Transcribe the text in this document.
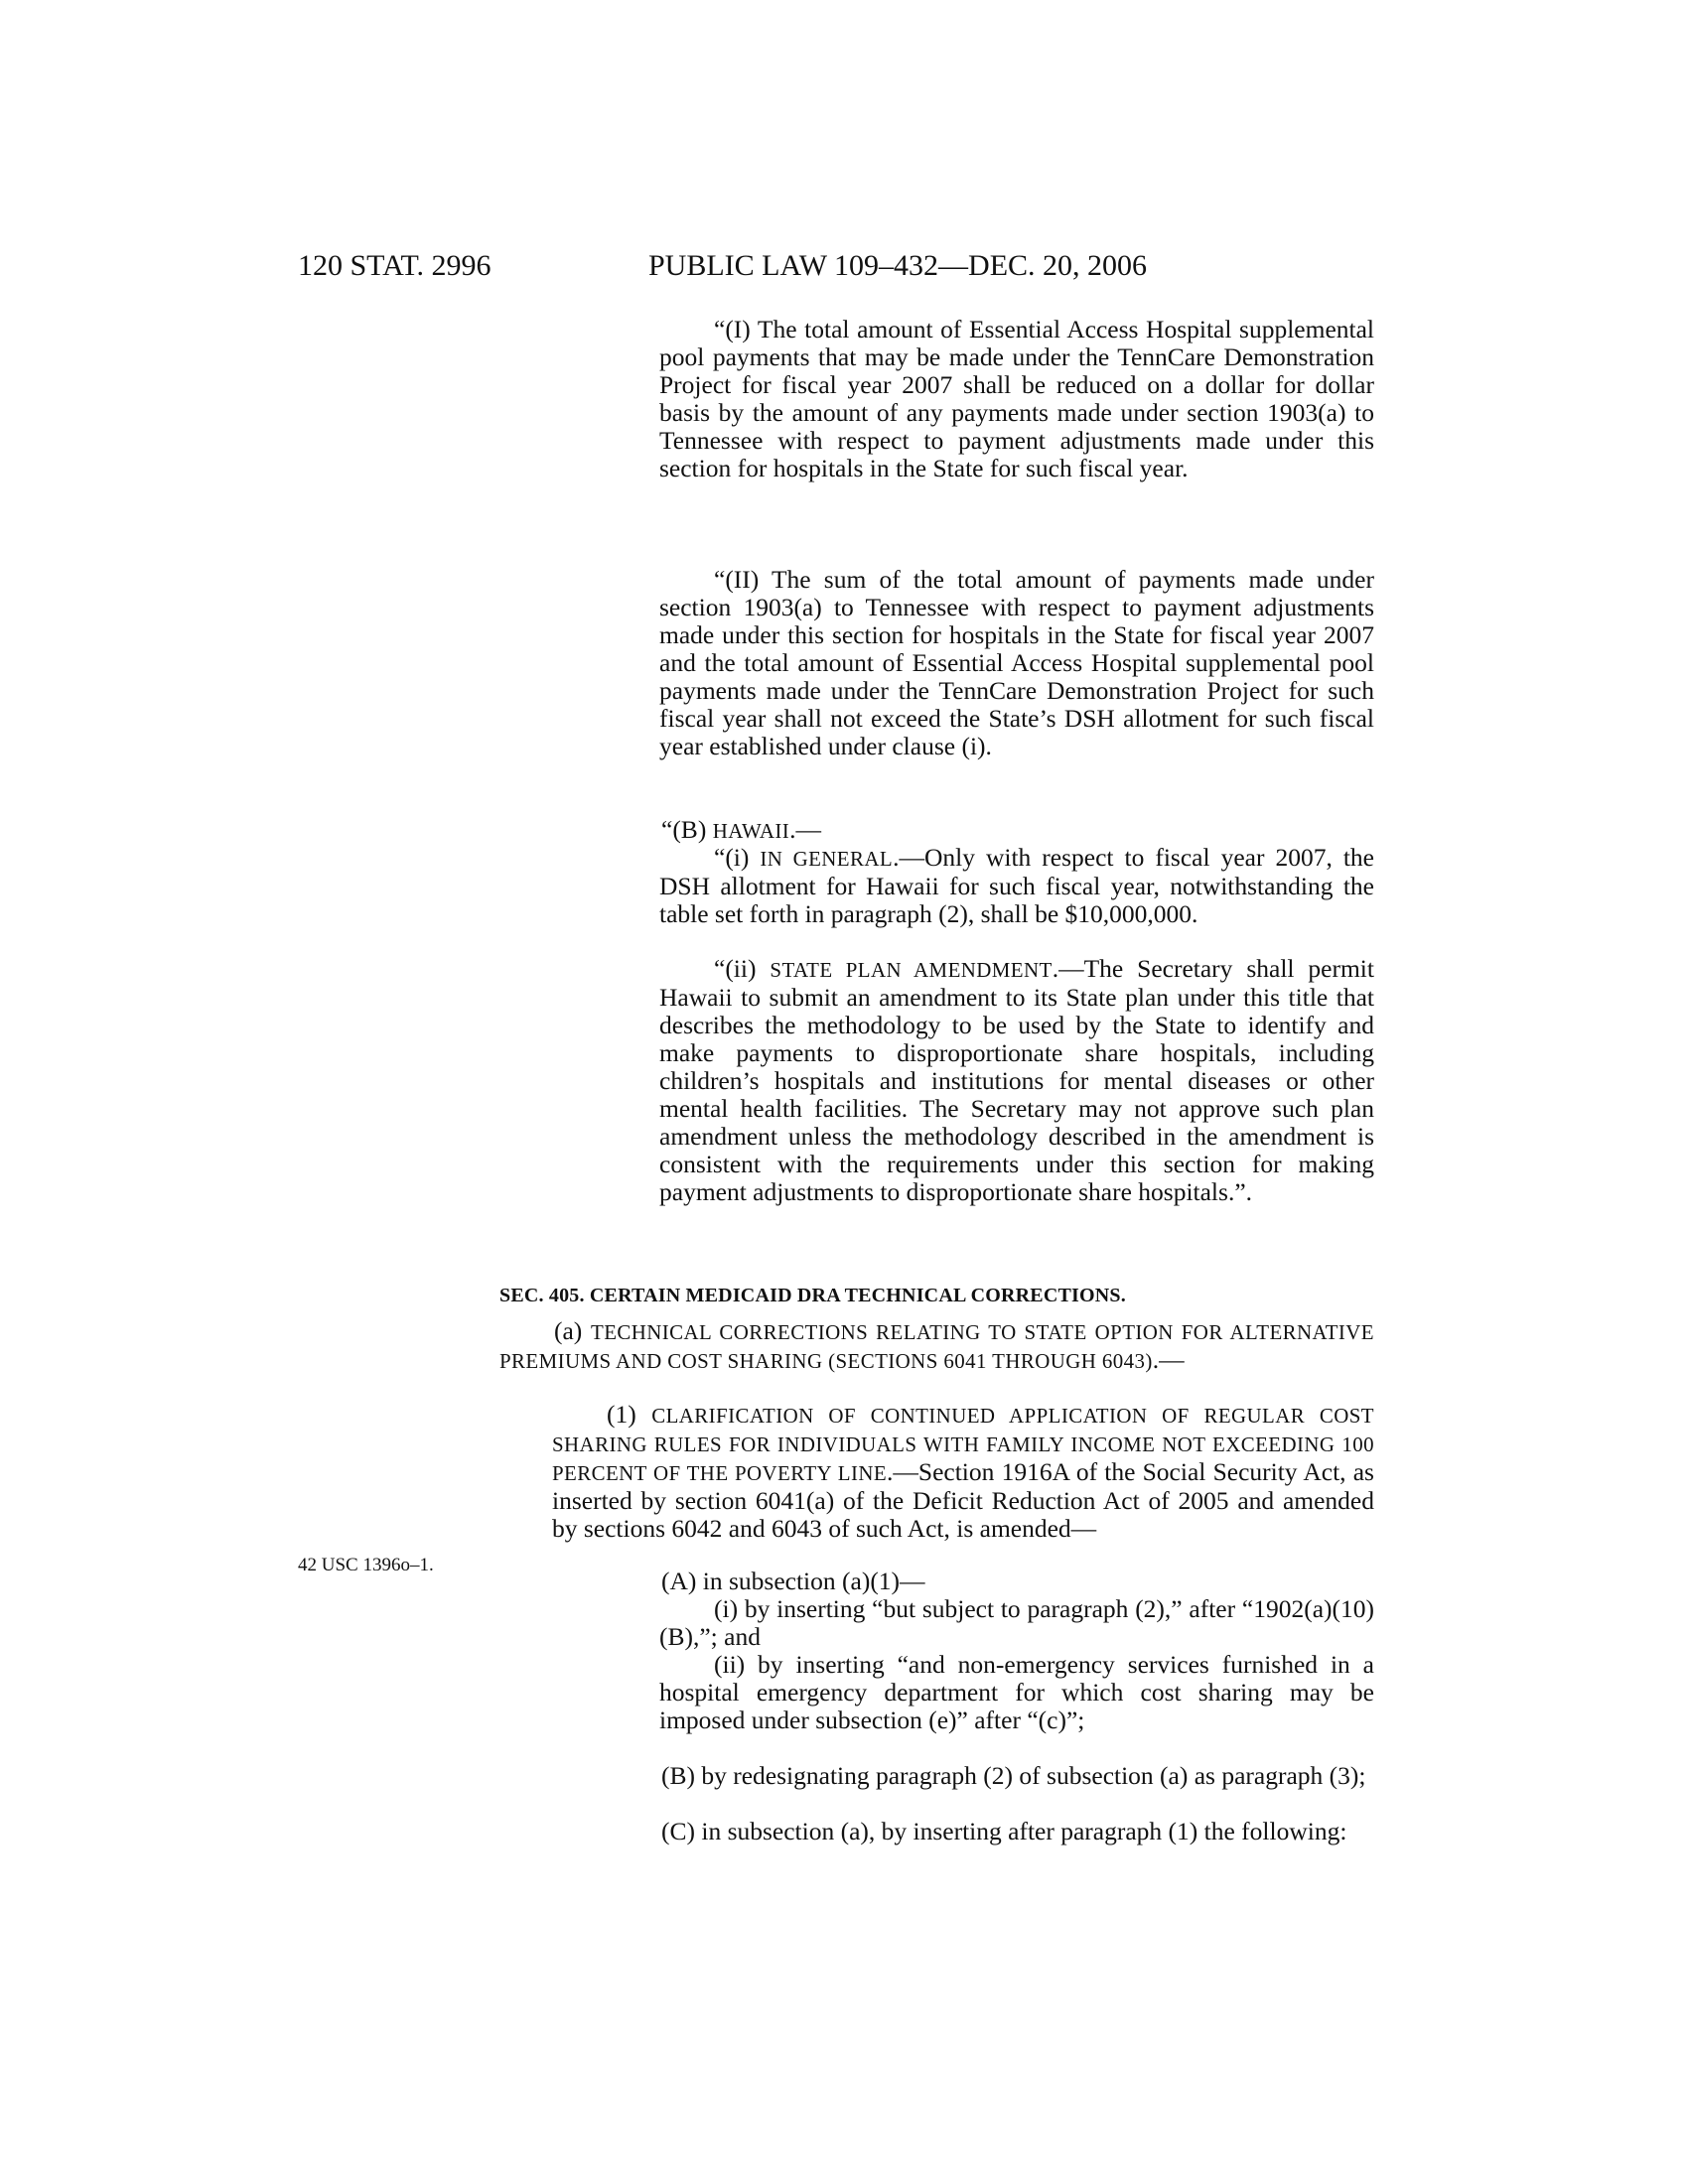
120 STAT. 2996	PUBLIC LAW 109–432—DEC. 20, 2006

“(I) The total amount of Essential Access Hospital supplemental pool payments that may be made under the TennCare Demonstration Project for fiscal year 2007 shall be reduced on a dollar for dollar basis by the amount of any payments made under section 1903(a) to Tennessee with respect to payment adjustments made under this section for hospitals in the State for such fiscal year.

“(II) The sum of the total amount of payments made under section 1903(a) to Tennessee with respect to payment adjustments made under this section for hospitals in the State for fiscal year 2007 and the total amount of Essential Access Hospital supplemental pool payments made under the TennCare Demonstration Project for such fiscal year shall not exceed the State’s DSH allotment for such fiscal year established under clause (i).

“(B) HAWAII.—

“(i) IN GENERAL.—Only with respect to fiscal year 2007, the DSH allotment for Hawaii for such fiscal year, notwithstanding the table set forth in paragraph (2), shall be $10,000,000.

“(ii) STATE PLAN AMENDMENT.—The Secretary shall permit Hawaii to submit an amendment to its State plan under this title that describes the methodology to be used by the State to identify and make payments to disproportionate share hospitals, including children’s hospitals and institutions for mental diseases or other mental health facilities. The Secretary may not approve such plan amendment unless the methodology described in the amendment is consistent with the requirements under this section for making payment adjustments to disproportionate share hospitals.”.

SEC. 405. CERTAIN MEDICAID DRA TECHNICAL CORRECTIONS.

(a) TECHNICAL CORRECTIONS RELATING TO STATE OPTION FOR ALTERNATIVE PREMIUMS AND COST SHARING (SECTIONS 6041 THROUGH 6043).—

(1) CLARIFICATION OF CONTINUED APPLICATION OF REGULAR COST SHARING RULES FOR INDIVIDUALS WITH FAMILY INCOME NOT EXCEEDING 100 PERCENT OF THE POVERTY LINE.—Section 1916A of the Social Security Act, as inserted by section 6041(a) of the Deficit Reduction Act of 2005 and amended by sections 6042 and 6043 of such Act, is amended—

42 USC 1396o–1.

(A) in subsection (a)(1)—

(i) by inserting “but subject to paragraph (2),” after “1902(a)(10)(B),”; and

(ii) by inserting “and non-emergency services furnished in a hospital emergency department for which cost sharing may be imposed under subsection (e)” after “(c)”;

(B) by redesignating paragraph (2) of subsection (a) as paragraph (3);

(C) in subsection (a), by inserting after paragraph (1) the following:
